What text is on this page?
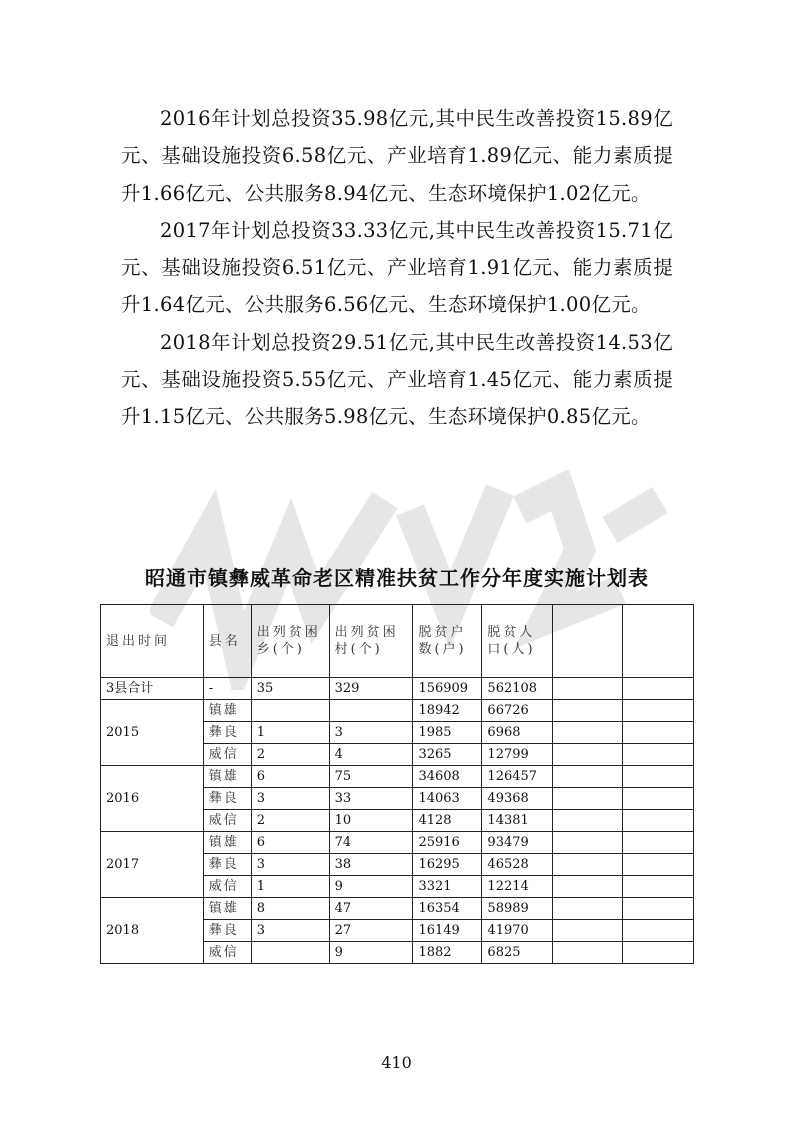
2016年计划总投资35.98亿元,其中民生改善投资15.89亿元、基础设施投资6.58亿元、产业培育1.89亿元、能力素质提升1.66亿元、公共服务8.94亿元、生态环境保护1.02亿元。

2017年计划总投资33.33亿元,其中民生改善投资15.71亿元、基础设施投资6.51亿元、产业培育1.91亿元、能力素质提升1.64亿元、公共服务6.56亿元、生态环境保护1.00亿元。

2018年计划总投资29.51亿元,其中民生改善投资14.53亿元、基础设施投资5.55亿元、产业培育1.45亿元、能力素质提升1.15亿元、公共服务5.98亿元、生态环境保护0.85亿元。

昭通市镇彝威革命老区精准扶贫工作分年度实施计划表
退出时间	县名	出列贫困乡(个)	出列贫困村(个)	脱贫户数(户)	脱贫人口(人)		
3县合计	-	35	329	156909	562108		
2015	镇雄			18942	66726		
	彝良	1	3	1985	6968		
	威信	2	4	3265	12799		
2016	镇雄	6	75	34608	126457		
	彝良	3	33	14063	49368		
	威信	2	10	4128	14381		
2017	镇雄	6	74	25916	93479		
	彝良	3	38	16295	46528		
	威信	1	9	3321	12214		
2018	镇雄	8	47	16354	58989		
	彝良	3	27	16149	41970		
	威信		9	1882	6825		
410
